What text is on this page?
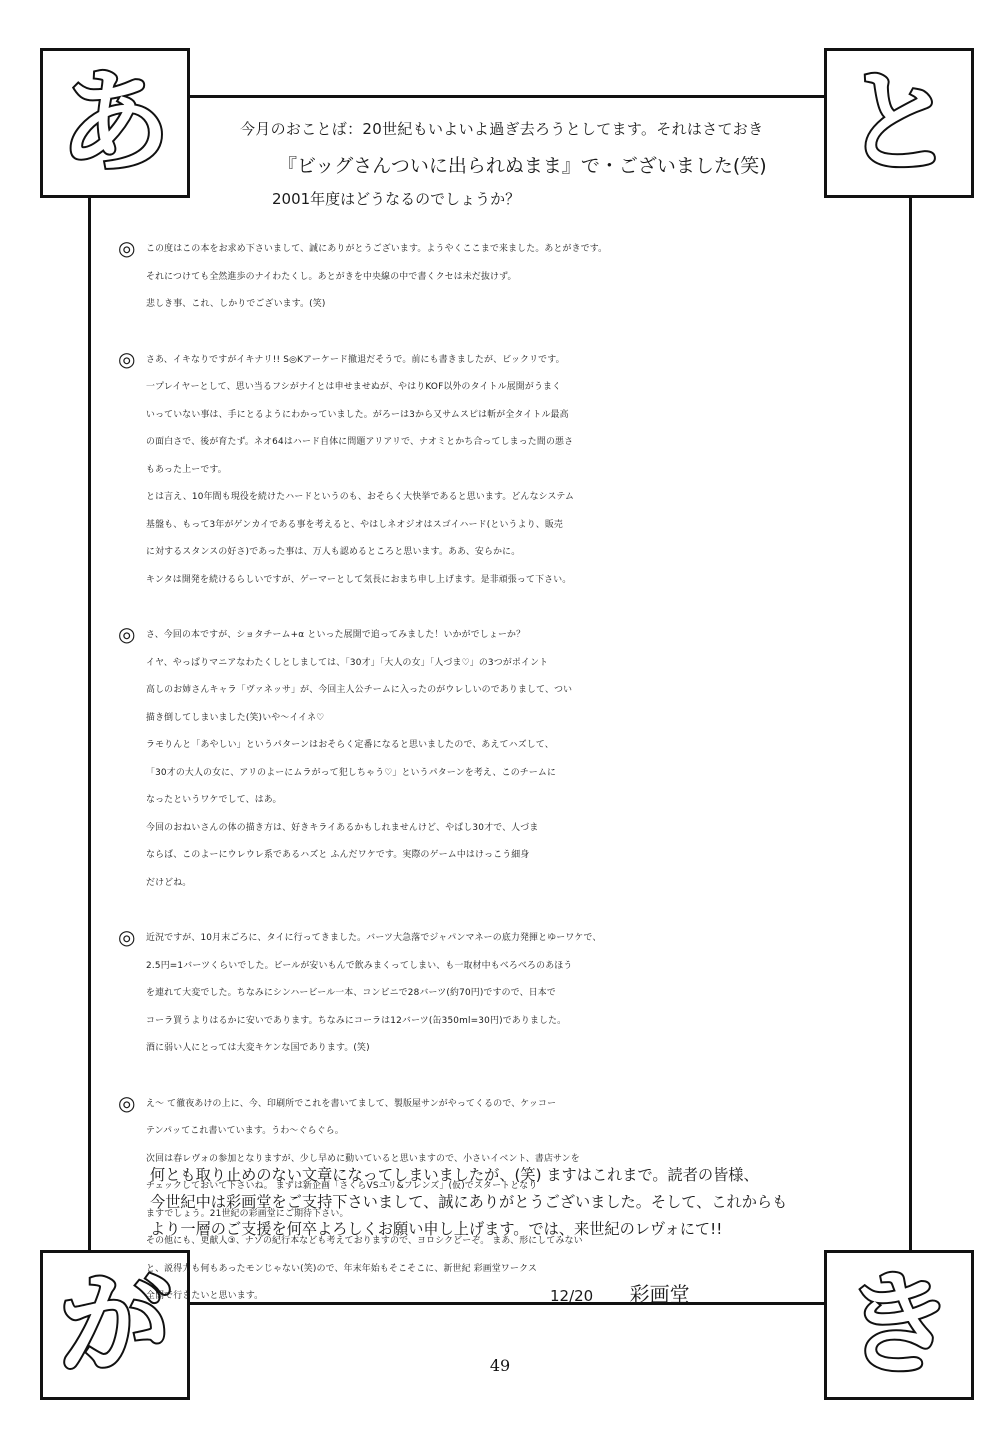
あ	と
が	き
今月のおことば：20世紀もいよいよ過ぎ去ろうとしてます。それはさておき
『ビッグさんついに出られぬまま』で・ございました(笑)
2001年度はどうなるのでしょうか？
◎ この度はこの本をお求め下さいまして、誠にありがとうございます。ようやくここまで来ました。あとがきです。
それにつけても全然進歩のナイわたくし。あとがきを中央線の中で書くクセは未だ抜けず。
悲しき事、これ、しかりでございます。(笑)
◎ さあ、イキなりですがイキナリ!! S◎Kアーケード撤退だそうで。前にも書きましたが、ビックリです。
一プレイヤーとして、思い当るフシがナイとは申せませぬが、やはりKOF以外のタイトル展開がうまく
いっていない事は、手にとるようにわかっていました。がろーは3から又サムスピは斬が全タイトル最高
の面白さで、後が育たず。ネオ64はハード自体に問題アリアリで、ナオミとかち合ってしまった間の悪さ
もあった上ーです。
とは言え、10年間も現役を続けたハードというのも、おそらく大快挙であると思います。どんなシステム
基盤も、もって3年がゲンカイである事を考えると、やはしネオジオはスゴイハード(というより、販売
に対するスタンスの好さ)であった事は、万人も認めるところと思います。ああ、安らかに。
キンタは開発を続けるらしいですが、ゲーマーとして気長におまち申し上げます。是非頑張って下さい。
◎ さ、今回の本ですが、ショタチーム+α といった展開で追ってみました！いかがでしょーか？
イヤ、やっぱりマニアなわたくしとしましては、「30才」「大人の女」「人づま♡」の3つがポイント
高しのお姉さんキャラ「ヴァネッサ」が、今回主人公チームに入ったのがウレしいのでありまして、つい
描き倒してしまいました(笑)いや〜イイネ♡
ラモりんと「あやしい」というパターンはおそらく定番になると思いましたので、あえてハズして、
「30才の大人の女に、アリのよーにムラがって犯しちゃう♡」というパターンを考え、このチームに
なったというワケでして、はあ。
今回のおねいさんの体の描き方は、好きキライあるかもしれませんけど、やぱし30才で、人づま
ならば、このよーにウレウレ系であるハズと ふんだワケです。実際のゲーム中はけっこう細身
だけどね。
◎ 近況ですが、10月末ごろに、タイに行ってきました。バーツ大急落でジャパンマネーの底力発揮とゆーワケで、
2.5円=1バーツくらいでした。ビールが安いもんで飲みまくってしまい、も一取材中もべろべろのあほう
を連れて大変でした。ちなみにシンハービール一本、コンビニで28バーツ(約70円)ですので、日本で
コーラ買うよりはるかに安いであります。ちなみにコーラは12バーツ(缶350ml=30円)でありました。
酒に弱い人にとっては大変キケンな国であります。(笑)
◎ え〜 て徹夜あけの上に、今、印刷所でこれを書いてまして、製版屋サンがやってくるので、ケッコー
テンパッてこれ書いています。うわ〜ぐらぐら。
次回は春レヴォの参加となりますが、少し早めに動いていると思いますので、小さいイベント、書店サンを
チェックしておいて下さいね。 まずは新企画「さくらVSユリ&フレンズ」(仮)でスタートとなり
ますでしょう。21世紀の彩画堂にご期待下さい。
その他にも、更献人③、ナゾの紀行本なども考えておりますので、ヨロシクどーぞ。 まあ、形にしてみない
と、説得力も何もあったモンじゃない(笑)ので、年末年始もそこそこに、新世紀 彩画堂ワークス
全開で行きたいと思います。
何とも取り止めのない文章になってしまいましたが、(笑) ますはこれまで。読者の皆様、
今世紀中は彩画堂をご支持下さいまして、誠にありがとうございました。そして、これからも
より一層のご支援を何卒よろしくお願い申し上げます。では、来世紀のレヴォにて!!
12/20 彩画堂
49
